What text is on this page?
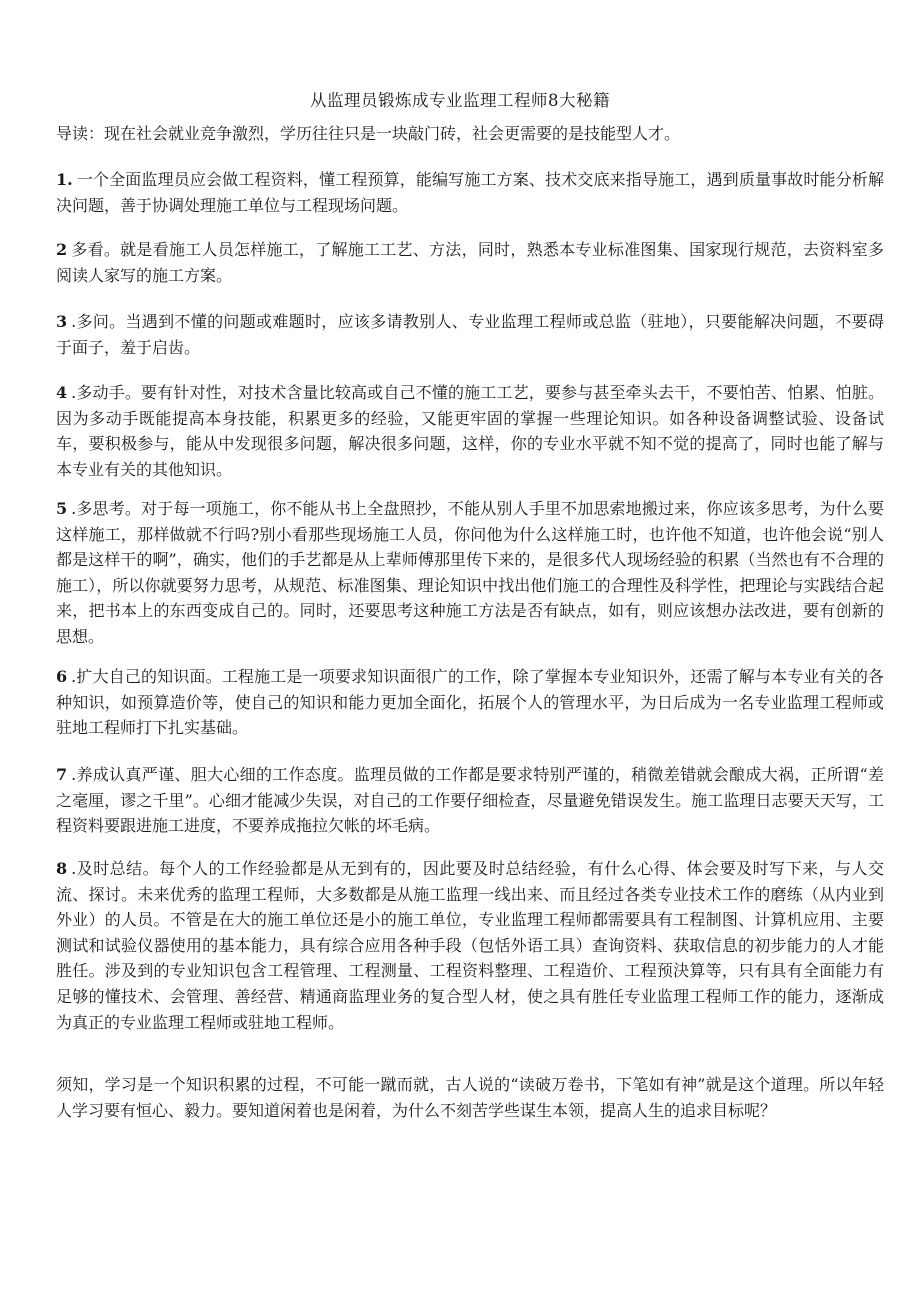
从监理员锻炼成专业监理工程师8大秘籍
导读：现在社会就业竞争激烈，学历往往只是一块敲门砖，社会更需要的是技能型人才。

1. 一个全面监理员应会做工程资料，懂工程预算，能编写施工方案、技术交底来指导施工，遇到质量事故时能分析解决问题，善于协调处理施工单位与工程现场问题。

2 多看。就是看施工人员怎样施工，了解施工工艺、方法，同时，熟悉本专业标准图集、国家现行规范，去资料室多阅读人家写的施工方案。

3 .多问。当遇到不懂的问题或难题时，应该多请教别人、专业监理工程师或总监（驻地），只要能解决问题，不要碍于面子，羞于启齿。

4 .多动手。要有针对性，对技术含量比较高或自己不懂的施工工艺，要参与甚至牵头去干，不要怕苦、怕累、怕脏。因为多动手既能提高本身技能，积累更多的经验，又能更牢固的掌握一些理论知识。如各种设备调整试验、设备试车，要积极参与，能从中发现很多问题，解决很多问题，这样，你的专业水平就不知不觉的提高了，同时也能了解与本专业有关的其他知识。

5 .多思考。对于每一项施工，你不能从书上全盘照抄，不能从别人手里不加思索地搬过来，你应该多思考，为什么要这样施工，那样做就不行吗?别小看那些现场施工人员，你问他为什么这样施工时，也许他不知道，也许他会说“别人都是这样干的啊”，确实，他们的手艺都是从上辈师傅那里传下来的，是很多代人现场经验的积累（当然也有不合理的施工），所以你就要努力思考，从规范、标准图集、理论知识中找出他们施工的合理性及科学性，把理论与实践结合起来，把书本上的东西变成自己的。同时，还要思考这种施工方法是否有缺点，如有，则应该想办法改进，要有创新的思想。

6 .扩大自己的知识面。工程施工是一项要求知识面很广的工作，除了掌握本专业知识外，还需了解与本专业有关的各种知识，如预算造价等，使自己的知识和能力更加全面化，拓展个人的管理水平，为日后成为一名专业监理工程师或驻地工程师打下扎实基础。

7 .养成认真严谨、胆大心细的工作态度。监理员做的工作都是要求特别严谨的，稍微差错就会酿成大祸，正所谓“差之毫厘，谬之千里”。心细才能减少失误，对自己的工作要仔细检查，尽量避免错误发生。施工监理日志要天天写，工程资料要跟进施工进度，不要养成拖拉欠帐的坏毛病。

8 .及时总结。每个人的工作经验都是从无到有的，因此要及时总结经验，有什么心得、体会要及时写下来，与人交流、探讨。未来优秀的监理工程师，大多数都是从施工监理一线出来、而且经过各类专业技术工作的磨练（从内业到外业）的人员。不管是在大的施工单位还是小的施工单位，专业监理工程师都需要具有工程制图、计算机应用、主要测试和试验仪器使用的基本能力，具有综合应用各种手段（包恬外语工具）查询资料、获取信息的初步能力的人才能胜任。涉及到的专业知识包含工程管理、工程测量、工程资料整理、工程造价、工程预決算等，只有具有全面能力有足够的懂技术、会管理、善经营、精通商监理业务的复合型人材，使之具有胜任专业监理工程师工作的能力，逐渐成为真正的专业监理工程师或驻地工程师。

须知，学习是一个知识积累的过程，不可能一蹴而就，古人说的“读破万卷书，下笔如有神”就是这个道理。所以年轻人学习要有恒心、毅力。要知道闲着也是闲着，为什么不刻苦学些谋生本领，提高人生的追求目标呢？
